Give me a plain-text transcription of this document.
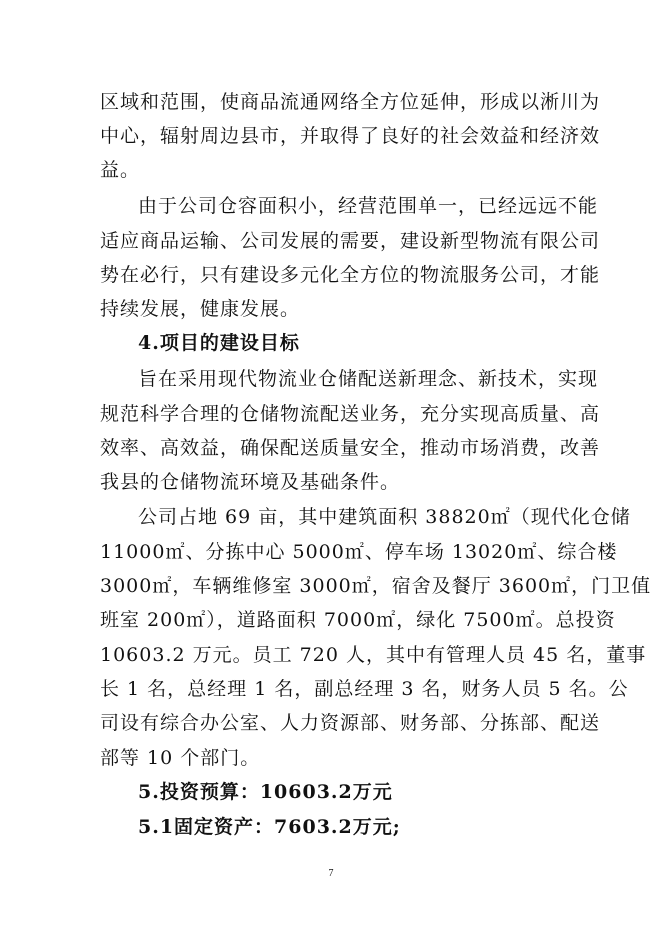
区域和范围，使商品流通网络全方位延伸，形成以淅川为
中心，辐射周边县市，并取得了良好的社会效益和经济效
益。
由于公司仓容面积小，经营范围单一，已经远远不能
适应商品运输、公司发展的需要，建设新型物流有限公司
势在必行，只有建设多元化全方位的物流服务公司，才能
持续发展，健康发展。
4.项目的建设目标
旨在采用现代物流业仓储配送新理念、新技术，实现
规范科学合理的仓储物流配送业务，充分实现高质量、高
效率、高效益，确保配送质量安全，推动市场消费，改善
我县的仓储物流环境及基础条件。
公司占地 69 亩，其中建筑面积 38820㎡（现代化仓储
11000㎡、分拣中心 5000㎡、停车场 13020㎡、综合楼
3000㎡，车辆维修室 3000㎡，宿舍及餐厅 3600㎡，门卫值
班室 200㎡），道路面积 7000㎡，绿化 7500㎡。总投资
10603.2 万元。员工 720 人，其中有管理人员 45 名，董事
长 1 名，总经理 1 名，副总经理 3 名，财务人员 5 名。公
司设有综合办公室、人力资源部、财务部、分拣部、配送
部等 10 个部门。
5.投资预算：10603.2万元
5.1固定资产：7603.2万元;
7
